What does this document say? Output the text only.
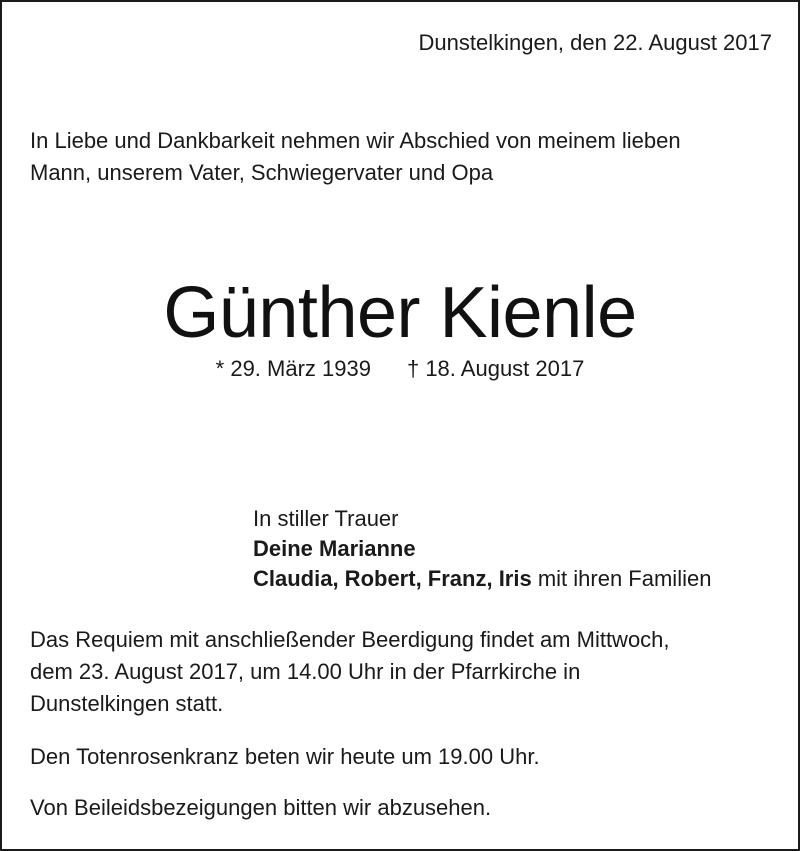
Dunstelkingen, den 22. August 2017
In Liebe und Dankbarkeit nehmen wir Abschied von meinem lieben
Mann, unserem Vater, Schwiegervater und Opa
Günther Kienle
* 29. März 1939 † 18. August 2017
In stiller Trauer
Deine Marianne
Claudia, Robert, Franz, Iris mit ihren Familien
Das Requiem mit anschließender Beerdigung findet am Mittwoch,
dem 23. August 2017, um 14.00 Uhr in der Pfarrkirche in
Dunstelkingen statt.
Den Totenrosenkranz beten wir heute um 19.00 Uhr.
Von Beileidsbezeigungen bitten wir abzusehen.
